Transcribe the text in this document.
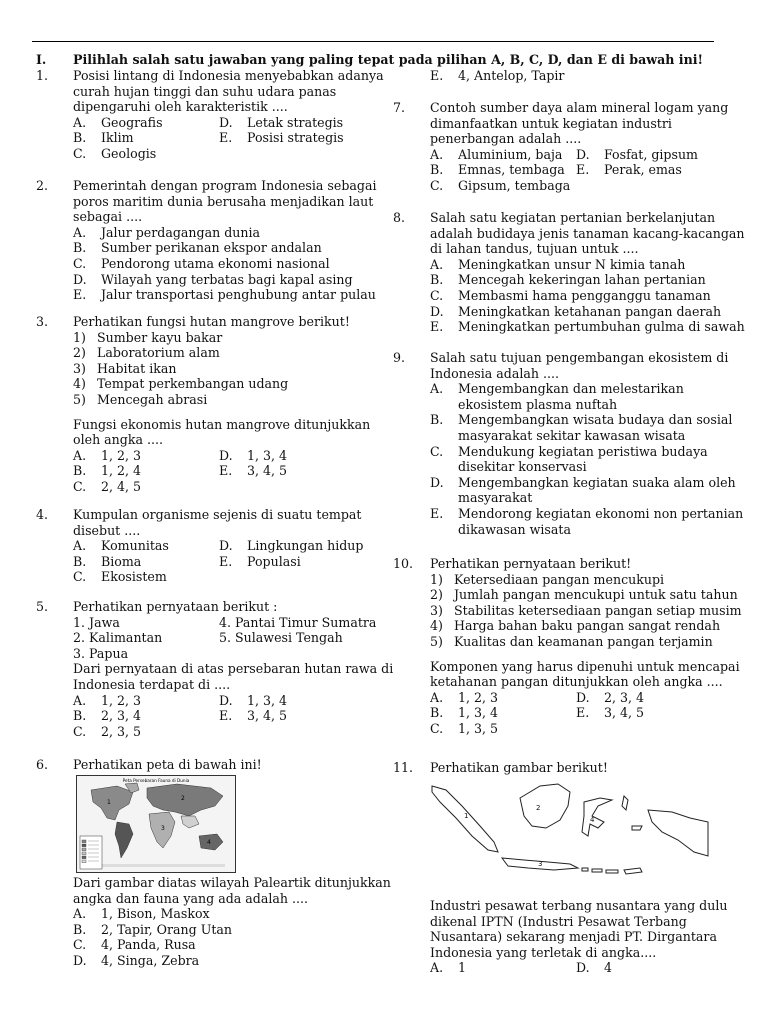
I. Pilihlah salah satu jawaban yang paling tepat pada pilihan A, B, C, D, dan E di bawah ini!
1. Posisi lintang di Indonesia menyebabkan adanya
curah hujan tinggi dan suhu udara panas
dipengaruhi oleh karakteristik ....
A. Geografis	D. Letak strategis
B. Iklim	E. Posisi strategis
C. Geologis
2. Pemerintah dengan program Indonesia sebagai
poros maritim dunia berusaha menjadikan laut
sebagai ....
A. Jalur perdagangan dunia
B. Sumber perikanan ekspor andalan
C. Pendorong utama ekonomi nasional
D. Wilayah yang terbatas bagi kapal asing
E. Jalur transportasi penghubung antar pulau
3. Perhatikan fungsi hutan mangrove berikut!
1) Sumber kayu bakar
2) Laboratorium alam
3) Habitat ikan
4) Tempat perkembangan udang
5) Mencegah abrasi
Fungsi ekonomis hutan mangrove ditunjukkan
oleh angka ....
A. 1, 2, 3	D. 1, 3, 4
B. 1, 2, 4	E. 3, 4, 5
C. 2, 4, 5
4. Kumpulan organisme sejenis di suatu tempat
disebut ....
A. Komunitas	D. Lingkungan hidup
B. Bioma	E. Populasi
C. Ekosistem
5. Perhatikan pernyataan berikut :
1. Jawa	4. Pantai Timur Sumatra
2. Kalimantan	5. Sulawesi Tengah
3. Papua
Dari pernyataan di atas persebaran hutan rawa di
Indonesia terdapat di ....
A. 1, 2, 3	D. 1, 3, 4
B. 2, 3, 4	E. 3, 4, 5
C. 2, 3, 5
6. Perhatikan peta di bawah ini!
Peta Persebaran Fauna di Dunia
1
2
3
4
Dari gambar diatas wilayah Paleartik ditunjukkan
angka dan fauna yang ada adalah ....
A. 1, Bison, Maskox
B. 2, Tapir, Orang Utan
C. 4, Panda, Rusa
D. 4, Singa, Zebra
E. 4, Antelop, Tapir
7. Contoh sumber daya alam mineral logam yang
dimanfaatkan untuk kegiatan industri
penerbangan adalah ....
A. Aluminium, baja D. Fosfat, gipsum
B. Emnas, tembaga E. Perak, emas
C. Gipsum, tembaga
8. Salah satu kegiatan pertanian berkelanjutan
adalah budidaya jenis tanaman kacang-kacangan
di lahan tandus, tujuan untuk ....
A. Meningkatkan unsur N kimia tanah
B. Mencegah kekeringan lahan pertanian
C. Membasmi hama pengganggu tanaman
D. Meningkatkan ketahanan pangan daerah
E. Meningkatkan pertumbuhan gulma di sawah
9. Salah satu tujuan pengembangan ekosistem di
Indonesia adalah ....
A. Mengembangkan dan melestarikan
ekosistem plasma nuftah
B. Mengembangkan wisata budaya dan sosial
masyarakat sekitar kawasan wisata
C. Mendukung kegiatan peristiwa budaya
disekitar konservasi
D. Mengembangkan kegiatan suaka alam oleh
masyarakat
E. Mendorong kegiatan ekonomi non pertanian
dikawasan wisata
10. Perhatikan pernyataan berikut!
1) Ketersediaan pangan mencukupi
2) Jumlah pangan mencukupi untuk satu tahun
3) Stabilitas ketersediaan pangan setiap musim
4) Harga bahan baku pangan sangat rendah
5) Kualitas dan keamanan pangan terjamin
Komponen yang harus dipenuhi untuk mencapai
ketahanan pangan ditunjukkan oleh angka ....
A. 1, 2, 3	D. 2, 3, 4
B. 1, 3, 4	E. 3, 4, 5
C. 1, 3, 5
11. Perhatikan gambar berikut!
1
2
3
4
Industri pesawat terbang nusantara yang dulu
dikenal IPTN (Industri Pesawat Terbang
Nusantara) sekarang menjadi PT. Dirgantara
Indonesia yang terletak di angka....
A. 1	D. 4
